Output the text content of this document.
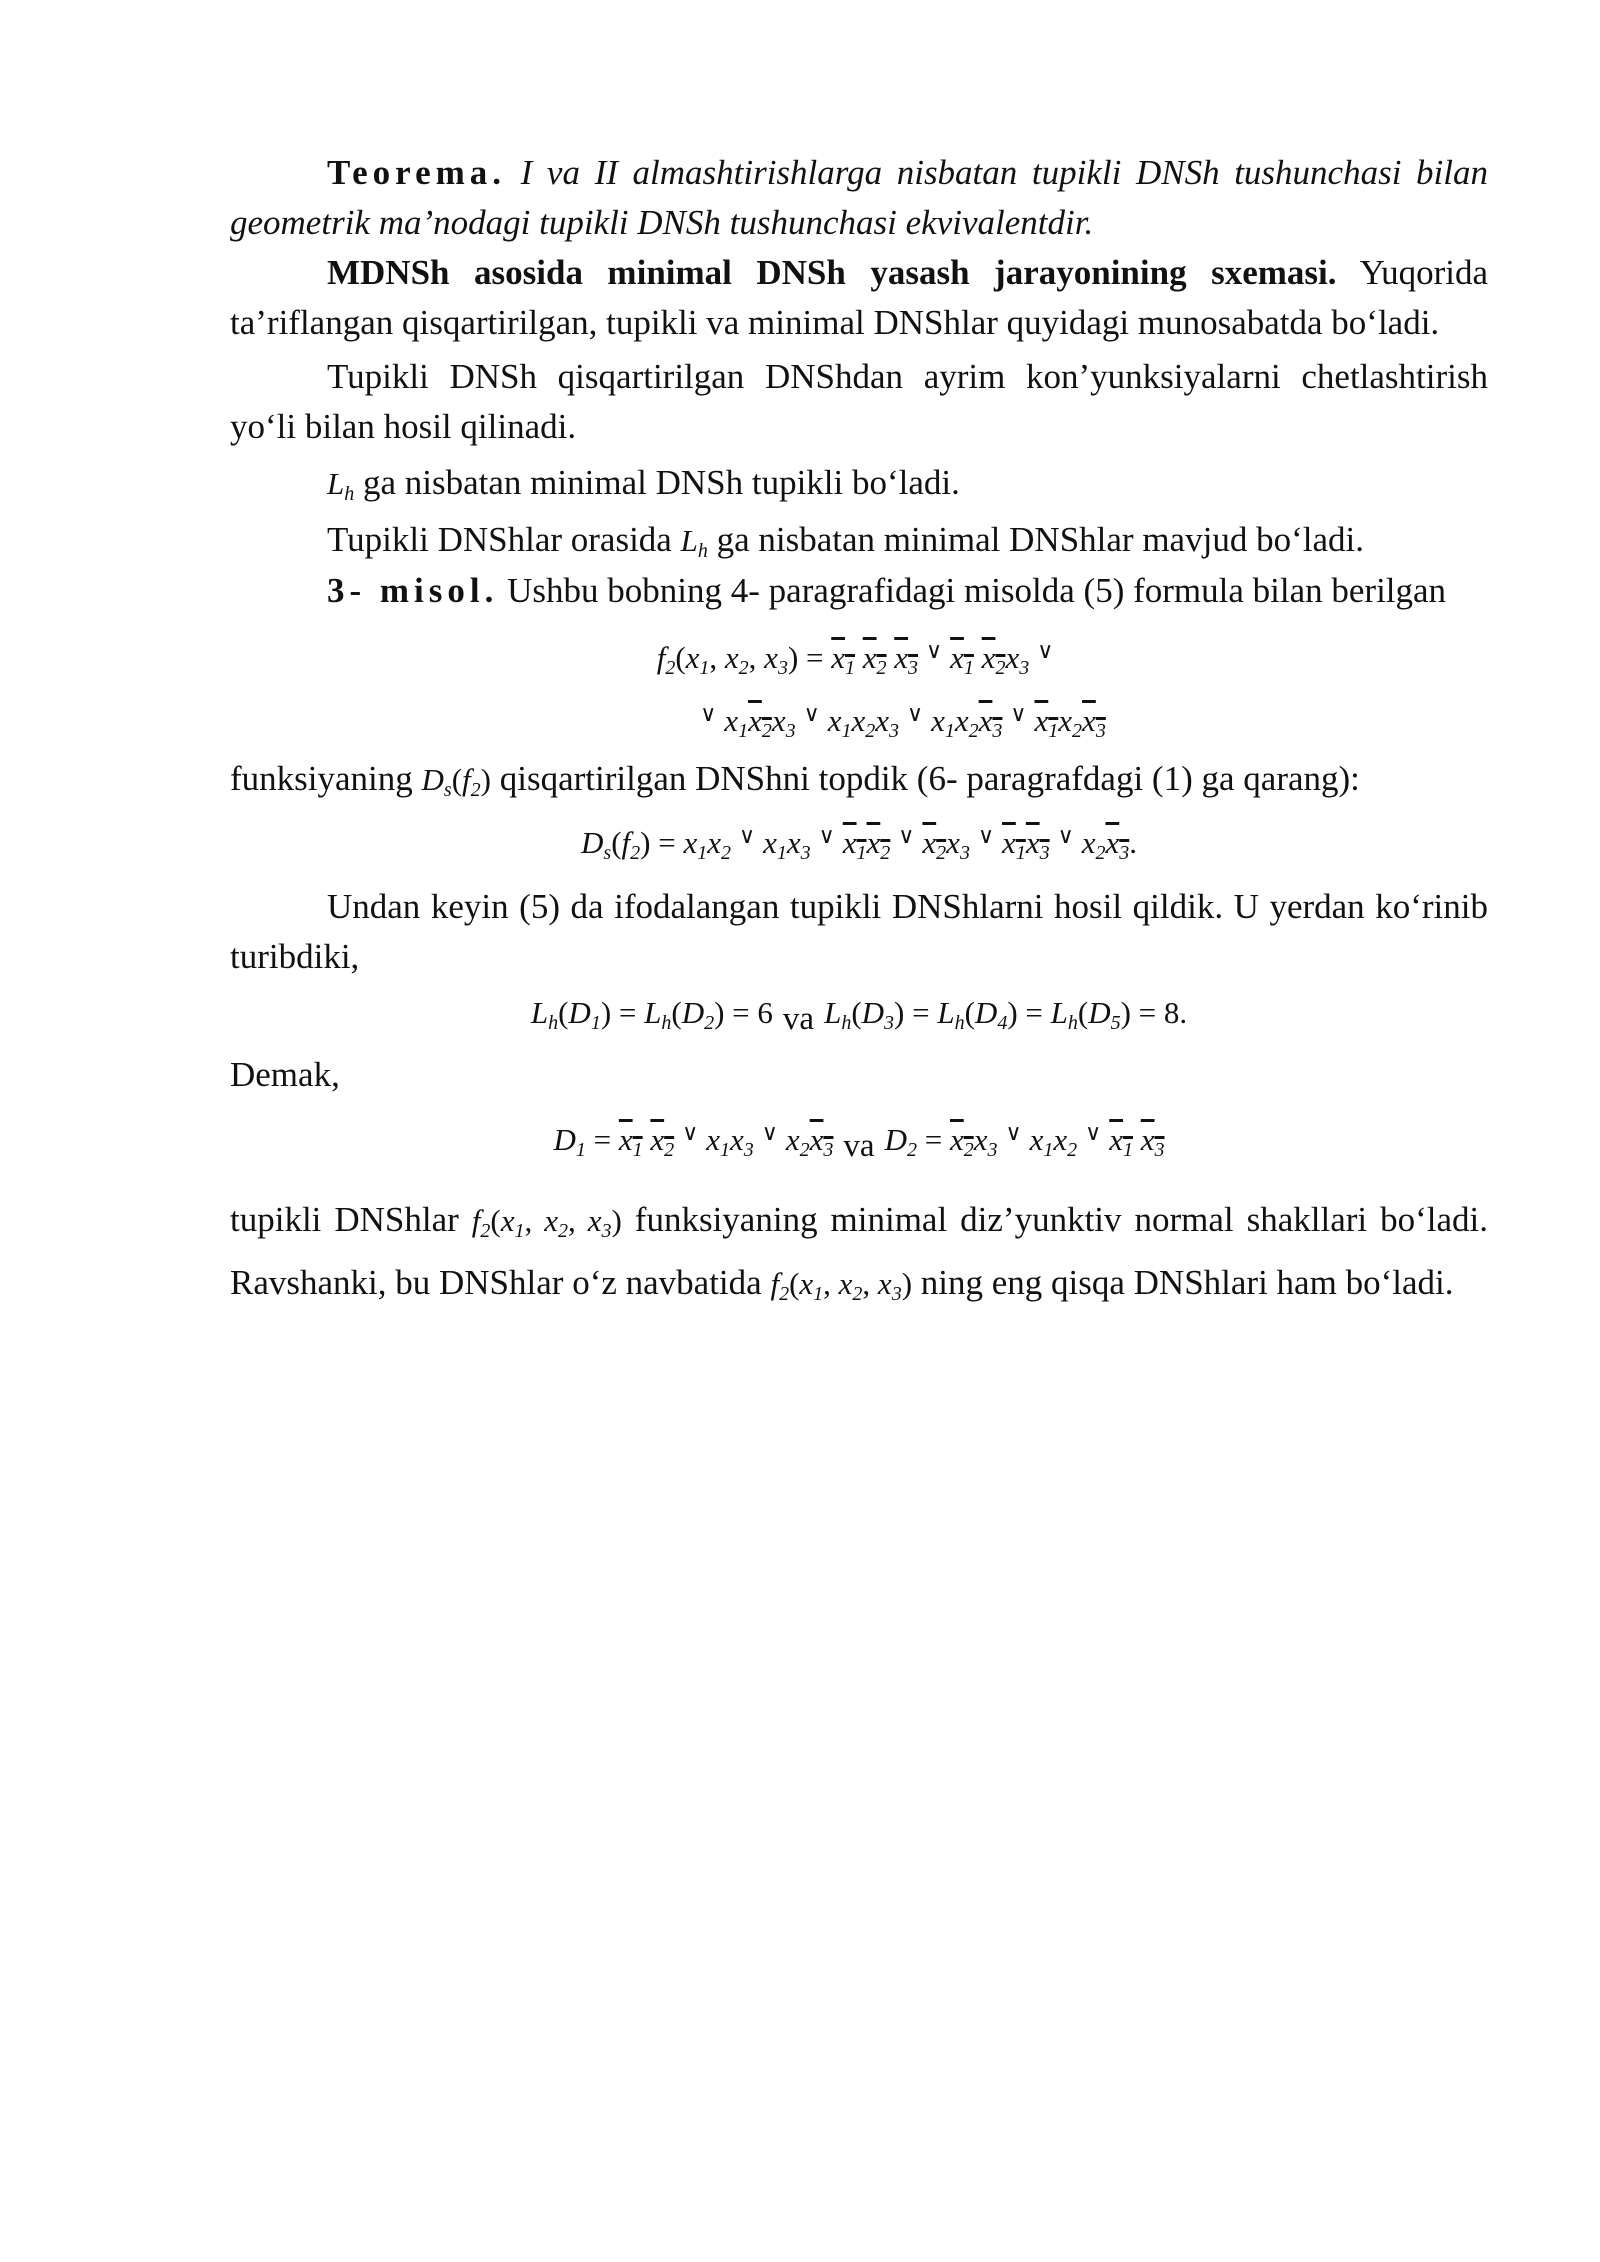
Teorema. I va II almashtirishlarga nisbatan tupikli DNSh tushunchasi bilan geometrik ma’nodagi tupikli DNSh tushunchasi ekvivalentdir.

MDNSh asosida minimal DNSh yasash jarayonining sxemasi. Yuqorida ta’riflangan qisqartirilgan, tupikli va minimal DNShlar quyidagi munosabatda bo‘ladi.

Tupikli DNSh qisqartirilgan DNShdan ayrim kon’yunksiyalarni chetlashtirish yo‘li bilan hosil qilinadi.

$L_h$ ga nisbatan minimal DNSh tupikli bo‘ladi.

Tupikli DNShlar orasida $L_h$ ga nisbatan minimal DNShlar mavjud bo‘ladi.

3- misol. Ushbu bobning 4- paragrafidagi misolda (5) formula bilan berilgan

$f_2(x_1$, $x_2$, $x_3) = x_1$ $x_2$ $x_3^\vee$ $x_1$ $x_2x_3^\vee$
∨ $x_1x_2x_3^\vee$ $x_1x_2x_3^\vee$ $x_1x_2x_3^\vee$ $x_1x_2x_3$

funksiyaning $D_s(f_2)$ qisqartirilgan DNShni topdik (6- paragrafdagi (1) ga qarang):

$D_s(f_2) = x_1x_2^\vee$ $x_1x_3^\vee$ $x_1x_2^\vee$ $x_2x_3^\vee$ $x_1x_3^\vee$ $x_2x_3$.

Undan keyin (5) da ifodalangan tupikli DNShlarni hosil qildik. U yerdan ko‘rinib turibdiki,

$L_h(D_1) = L_h(D_2) = 6$ va $L_h(D_3) = L_h(D_4) = L_h(D_5) = 8$.

Demak,

$D_1 = x_1$ $x_2^\vee$ $x_1x_3^\vee$ $x_2x_3$ va $D_2 = x_2x_3^\vee$ $x_1x_2^\vee$ $x_1$ $x_3$

tupikli DNShlar $f_2(x_1$, $x_2$, $x_3$) funksiyaning minimal diz’yunktiv normal shakllari bo‘ladi. Ravshanki, bu DNShlar o‘z navbatida $f_2(x_1$, $x_2$, $x_3$) ning eng qisqa DNShlari ham bo‘ladi.
